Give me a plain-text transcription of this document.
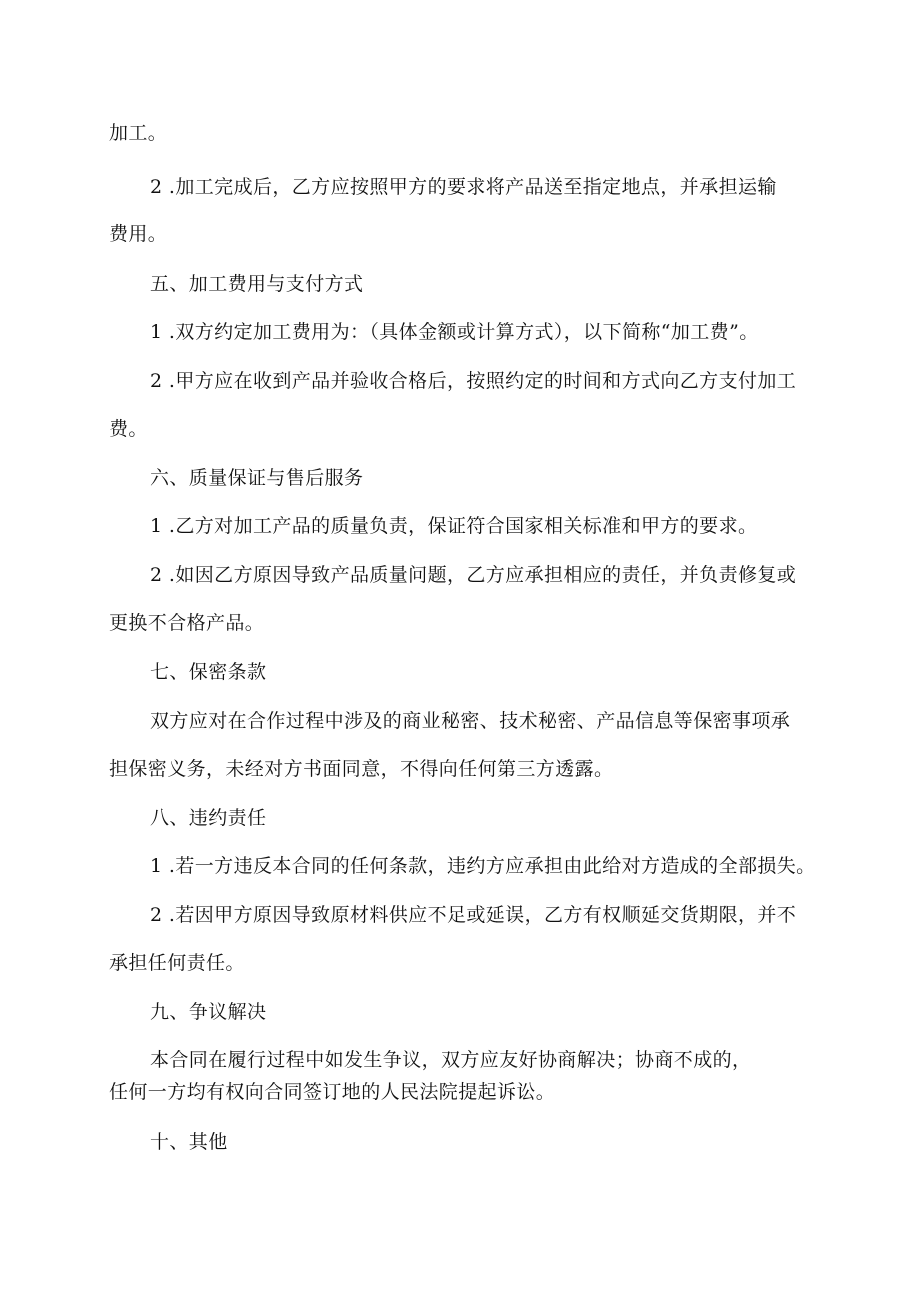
加工。
2 .加工完成后，乙方应按照甲方的要求将产品送至指定地点，并承担运输
费用。
五、加工费用与支付方式
1 .双方约定加工费用为：（具体金额或计算方式），以下简称“加工费”。
2 .甲方应在收到产品并验收合格后，按照约定的时间和方式向乙方支付加工
费。
六、质量保证与售后服务
1 .乙方对加工产品的质量负责，保证符合国家相关标准和甲方的要求。
2 .如因乙方原因导致产品质量问题，乙方应承担相应的责任，并负责修复或
更换不合格产品。
七、保密条款
双方应对在合作过程中涉及的商业秘密、技术秘密、产品信息等保密事项承
担保密义务，未经对方书面同意，不得向任何第三方透露。
八、违约责任
1 .若一方违反本合同的任何条款，违约方应承担由此给对方造成的全部损失。
2 .若因甲方原因导致原材料供应不足或延误，乙方有权顺延交货期限，并不
承担任何责任。
九、争议解决
本合同在履行过程中如发生争议，双方应友好协商解决；协商不成的，
任何一方均有权向合同签订地的人民法院提起诉讼。
十、其他
